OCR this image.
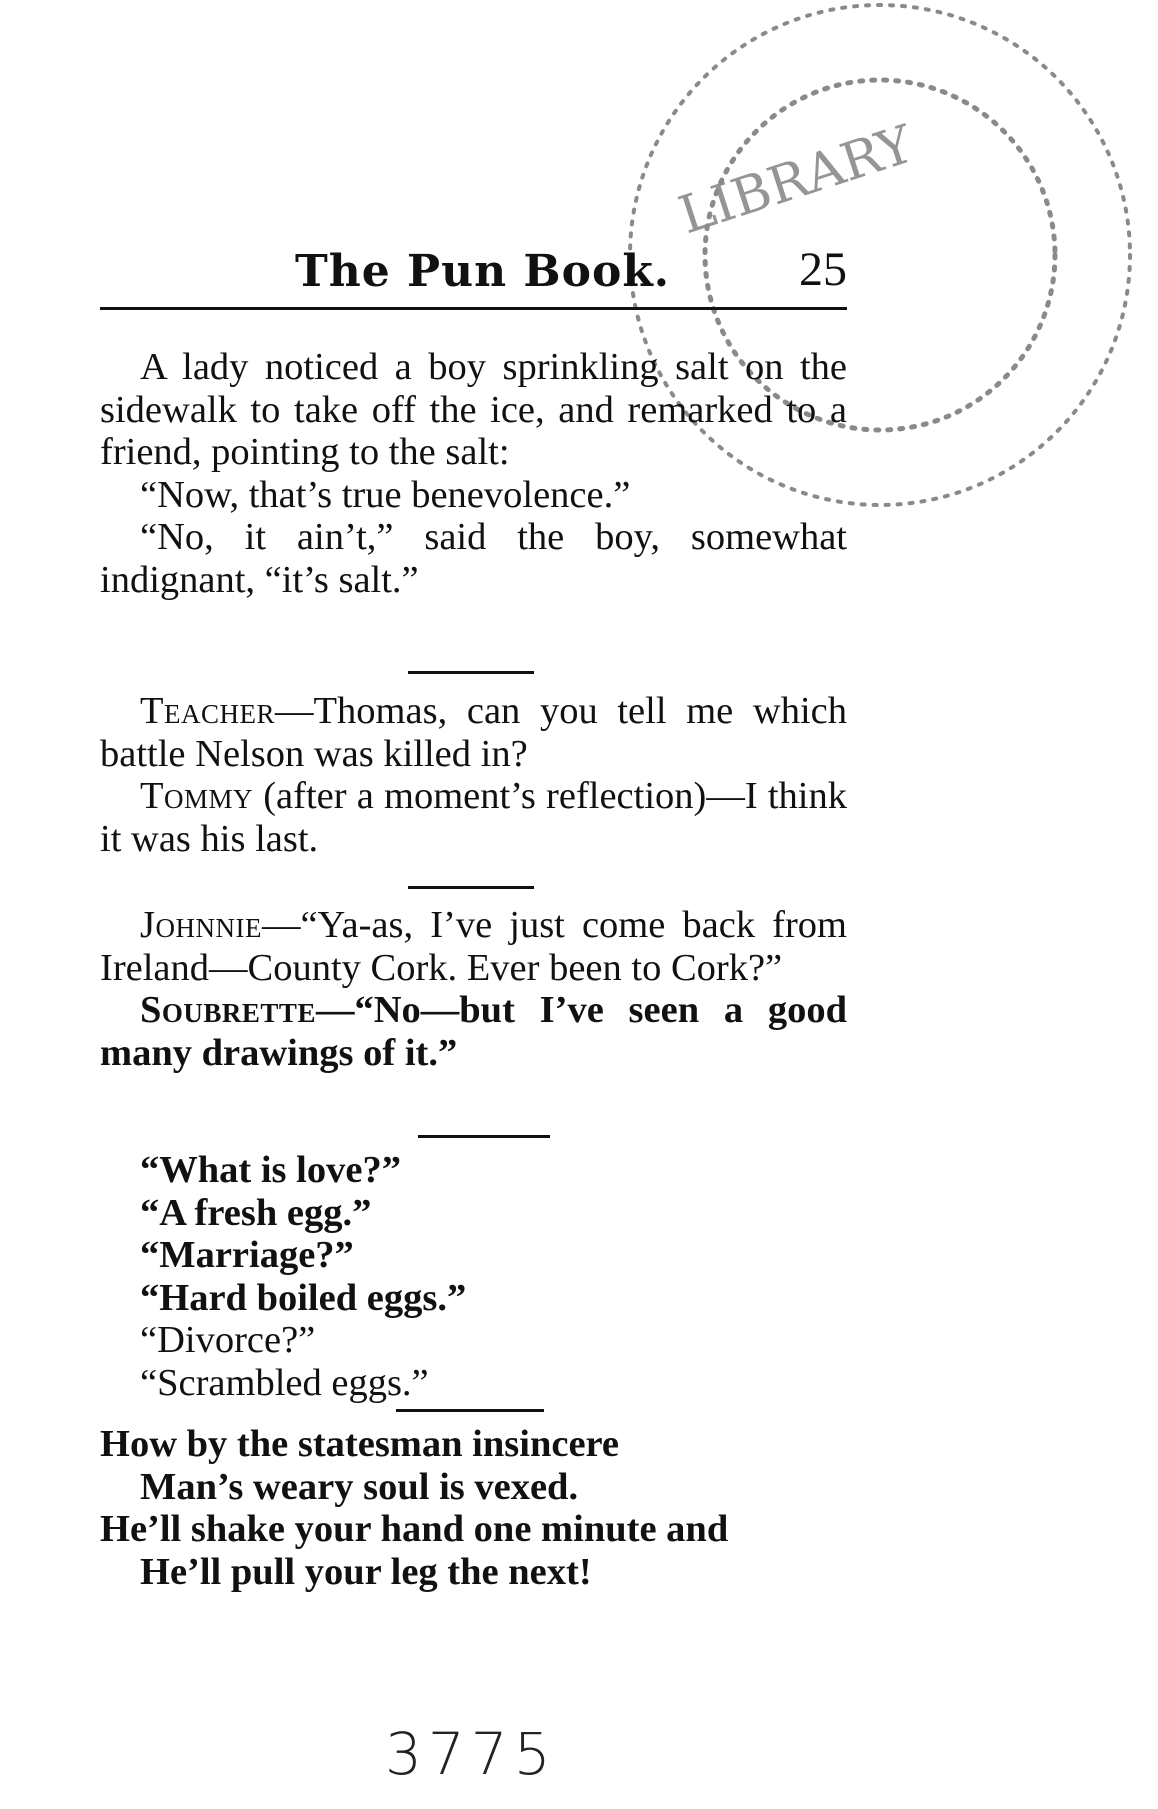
LIBRARY
The Pun Book.	25

A lady noticed a boy sprinkling salt on the sidewalk to take off the ice, and remarked to a friend, pointing to the salt:

“Now, that’s true benevolence.”

“No, it ain’t,” said the boy, somewhat indignant, “it’s salt.”

Teacher—Thomas, can you tell me which battle Nelson was killed in?

Tommy (after a moment’s reflection)—I think it was his last.

Johnnie—“Ya-as, I’ve just come back from Ireland—County Cork. Ever been to Cork?”

Soubrette—“No—but I’ve seen a good many drawings of it.”

“What is love?”

“A fresh egg.”

“Marriage?”

“Hard boiled eggs.”

“Divorce?”

“Scrambled eggs.”

How by the statesman insincere

Man’s weary soul is vexed.

He’ll shake your hand one minute and

He’ll pull your leg the next!

3775
